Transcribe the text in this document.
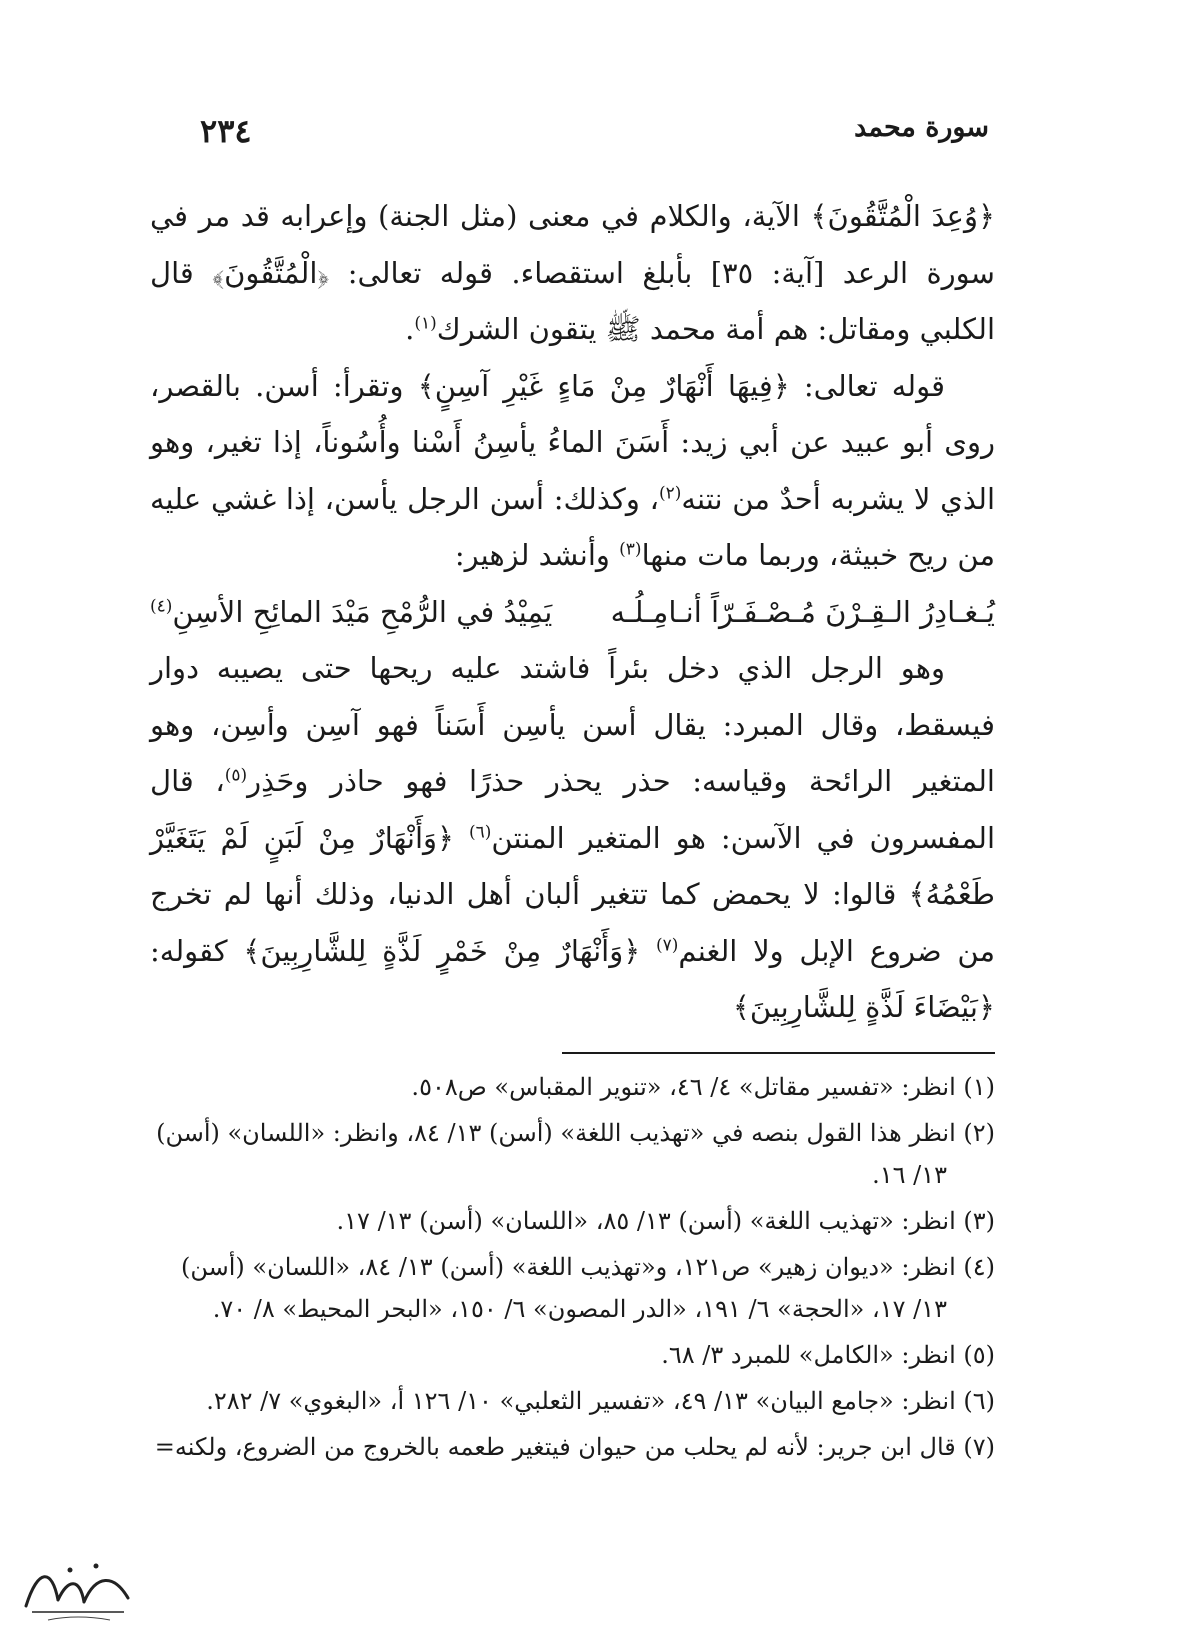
٢٣٤	سورة محمد

﴿وُعِدَ الْمُتَّقُونَ﴾ الآية، والكلام في معنى (مثل الجنة) وإعرابه قد مر في سورة الرعد [آية: ٣٥] بأبلغ استقصاء. قوله تعالى: ﴿الْمُتَّقُونَ﴾ قال الكلبي ومقاتل: هم أمة محمد ﷺ يتقون الشرك$^{(١)}$.

قوله تعالى: ﴿فِيهَا أَنْهَارٌ مِنْ مَاءٍ غَيْرِ آسِنٍ﴾ وتقرأ: أسن. بالقصر، روى أبو عبيد عن أبي زيد: أَسَنَ الماءُ يأسِنُ أَسْنا وأُسُوناً، إذا تغير، وهو الذي لا يشربه أحدٌ من نتنه$^{(٢)}$، وكذلك: أسن الرجل يأسن، إذا غشي عليه من ريح خبيثة، وربما مات منها$^{(٣)}$ وأنشد لزهير:

يُـغـادِرُ الـقِـرْنَ مُـصْـفَـرّاً أنـامِـلُـه
يَمِيْدُ في الرُّمْحِ مَيْدَ المائِحِ الأسِنِ$^{(٤)}$

وهو الرجل الذي دخل بئراً فاشتد عليه ريحها حتى يصيبه دوار فيسقط، وقال المبرد: يقال أسن يأسِن أَسَناً فهو آسِن وأسِن، وهو المتغير الرائحة وقياسه: حذر يحذر حذرًا فهو حاذر وحَذِر$^{(٥)}$، قال المفسرون في الآسن: هو المتغير المنتن$^{(٦)}$ ﴿وَأَنْهَارٌ مِنْ لَبَنٍ لَمْ يَتَغَيَّرْ طَعْمُهُ﴾ قالوا: لا يحمض كما تتغير ألبان أهل الدنيا، وذلك أنها لم تخرج من ضروع الإبل ولا الغنم$^{(٧)}$ ﴿وَأَنْهَارٌ مِنْ خَمْرٍ لَذَّةٍ لِلشَّارِبِينَ﴾ كقوله: ﴿بَيْضَاءَ لَذَّةٍ لِلشَّارِبِينَ﴾

(١) انظر: «تفسير مقاتل» ٤/ ٤٦، «تنوير المقباس» ص٥٠٨.

(٢) انظر هذا القول بنصه في «تهذيب اللغة» (أسن) ١٣/ ٨٤، وانظر: «اللسان» (أسن)
١٣/ ١٦.

(٣) انظر: «تهذيب اللغة» (أسن) ١٣/ ٨٥، «اللسان» (أسن) ١٣/ ١٧.

(٤) انظر: «ديوان زهير» ص١٢١، و«تهذيب اللغة» (أسن) ١٣/ ٨٤، «اللسان» (أسن)
١٣/ ١٧، «الحجة» ٦/ ١٩١، «الدر المصون» ٦/ ١٥٠، «البحر المحيط» ٨/ ٧٠.

(٥) انظر: «الكامل» للمبرد ٣/ ٦٨.

(٦) انظر: «جامع البيان» ١٣/ ٤٩، «تفسير الثعلبي» ١٠/ ١٢٦ أ، «البغوي» ٧/ ٢٨٢.

(٧) قال ابن جرير: لأنه لم يحلب من حيوان فيتغير طعمه بالخروج من الضروع، ولكنه=
